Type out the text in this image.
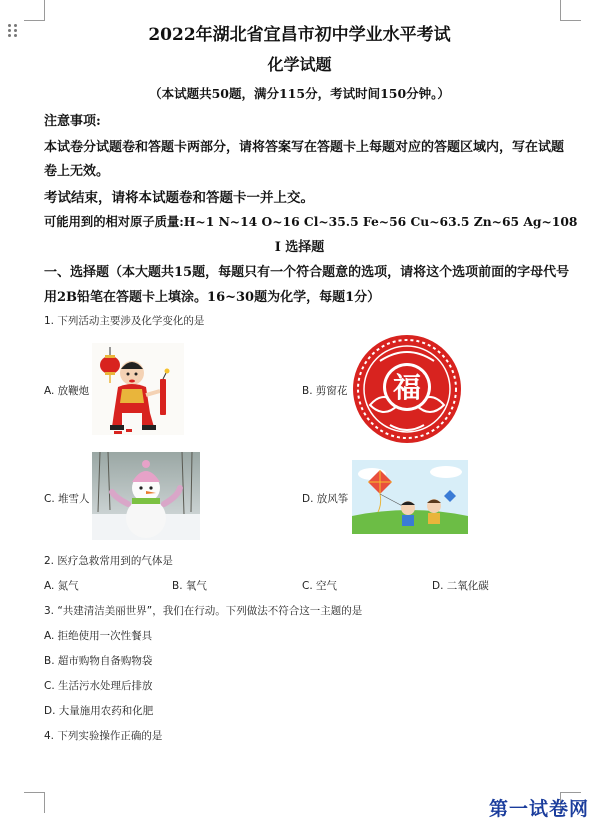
2022年湖北省宜昌市初中学业水平考试
化学试题
（本试题共50题，满分115分，考试时间150分钟。）
注意事项:
本试卷分试题卷和答题卡两部分，请将答案写在答题卡上每题对应的答题区域内，写在试题
卷上无效。
考试结束，请将本试题卷和答题卡一并上交。
可能用到的相对原子质量:H~1 N~14 O~16 Cl~35.5 Fe~56 Cu~63.5 Zn~65 Ag~108
I 选择题
一、选择题（本大题共15题，每题只有一个符合题意的选项，请将这个选项前面的字母代号
用2B铅笔在答题卡上填涂。16~30题为化学，每题1分）
1. 下列活动主要涉及化学变化的是
A. 放鞭炮	B. 剪窗花
C. 堆雪人	D. 放风筝
福
2. 医疗急救常用到的气体是
A. 氮气	B. 氧气	C. 空气	D. 二氧化碳
3. “共建清洁美丽世界”，我们在行动。下列做法不符合这一主题的是
A. 拒绝使用一次性餐具
B. 超市购物自备购物袋
C. 生活污水处理后排放
D. 大量施用农药和化肥
4. 下列实验操作正确的是
第一试卷网
